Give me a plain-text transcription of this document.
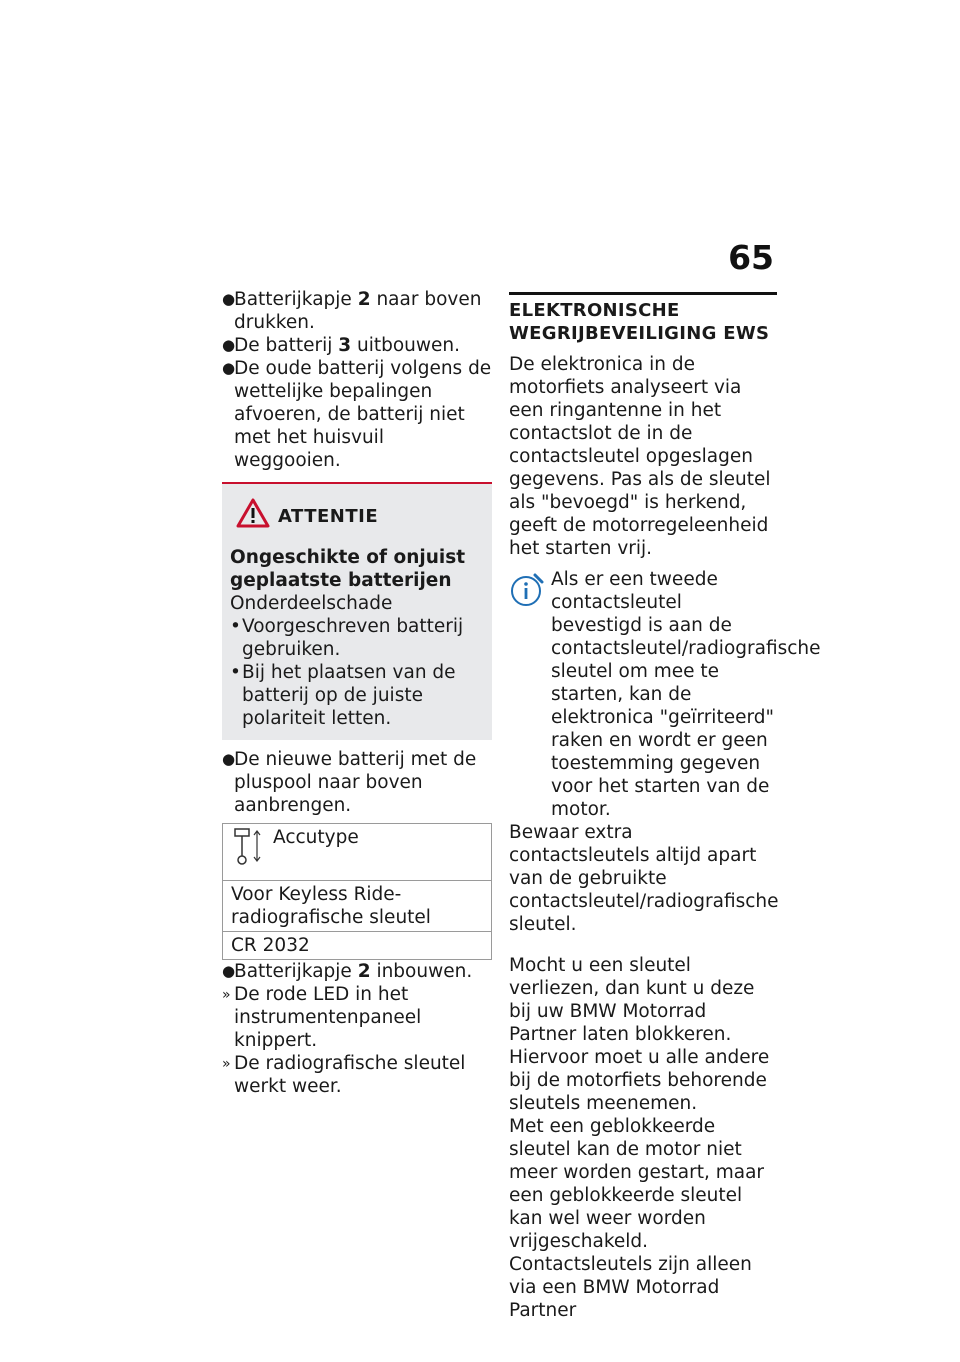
65
●
Batterijkapje 2 naar boven drukken.
●
De batterij 3 uitbouwen.
●
De oude batterij volgens de wettelijke bepalingen afvoeren, de batterij niet met het huisvuil weggooien.
ATTENTIE
Ongeschikte of onjuist geplaatste batterijen
Onderdeelschade
• Voorgeschreven batterij gebruiken.
• Bij het plaatsen van de batterij op de juiste polariteit letten.
●
De nieuwe batterij met de pluspool naar boven aanbrengen.
Accutype

Voor Keyless Ride-radiografische sleutel
CR 2032
●
Batterijkapje 2 inbouwen.
» De rode LED in het instrumentenpaneel knippert.
» De radiografische sleutel werkt weer.
ELEKTRONISCHE WEGRIJBEVEILIGING EWS
De elektronica in de motorfiets analyseert via een ringantenne in het contactslot de in de contactsleutel opgeslagen gegevens. Pas als de sleutel als "bevoegd" is herkend, geeft de motorregeleenheid het starten vrij.
Als er een tweede contactsleutel bevestigd is aan de contactsleutel/radiografische sleutel om mee te starten, kan de elektronica "geïrriteerd" raken en wordt er geen toestemming gegeven voor het starten van de motor.
Bewaar extra contactsleutels altijd apart van de gebruikte contactsleutel/radiografische sleutel.
Mocht u een sleutel verliezen, dan kunt u deze bij uw BMW Motorrad Partner laten blokkeren. Hiervoor moet u alle andere bij de motorfiets behorende sleutels meenemen.
Met een geblokkeerde sleutel kan de motor niet meer worden gestart, maar een geblokkeerde sleutel kan wel weer worden vrijgeschakeld.
Contactsleutels zijn alleen via een BMW Motorrad Partner
